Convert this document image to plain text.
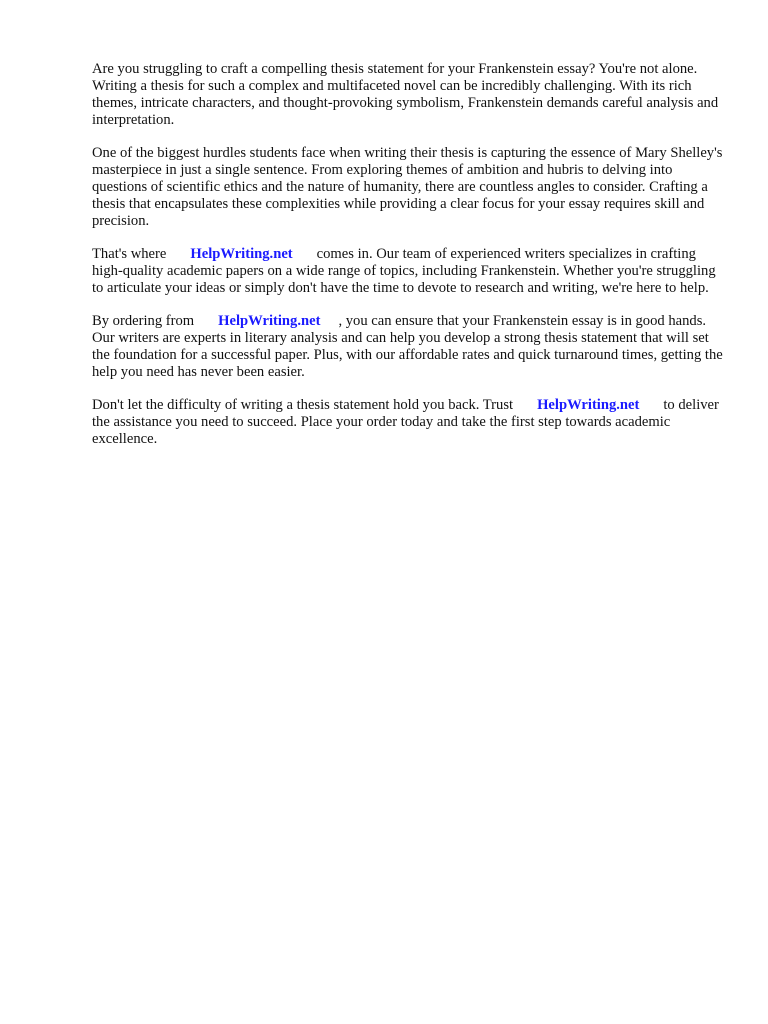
Are you struggling to craft a compelling thesis statement for your Frankenstein essay? You're not alone. Writing a thesis for such a complex and multifaceted novel can be incredibly challenging. With its rich themes, intricate characters, and thought-provoking symbolism, Frankenstein demands careful analysis and interpretation.

One of the biggest hurdles students face when writing their thesis is capturing the essence of Mary Shelley's masterpiece in just a single sentence. From exploring themes of ambition and hubris to delving into questions of scientific ethics and the nature of humanity, there are countless angles to consider. Crafting a thesis that encapsulates these complexities while providing a clear focus for your essay requires skill and precision.

That's where HelpWriting.net comes in. Our team of experienced writers specializes in crafting high-quality academic papers on a wide range of topics, including Frankenstein. Whether you're struggling to articulate your ideas or simply don't have the time to devote to research and writing, we're here to help.

By ordering from HelpWriting.net , you can ensure that your Frankenstein essay is in good hands. Our writers are experts in literary analysis and can help you develop a strong thesis statement that will set the foundation for a successful paper. Plus, with our affordable rates and quick turnaround times, getting the help you need has never been easier.

Don't let the difficulty of writing a thesis statement hold you back. Trust HelpWriting.net to deliver the assistance you need to succeed. Place your order today and take the first step towards academic excellence.
